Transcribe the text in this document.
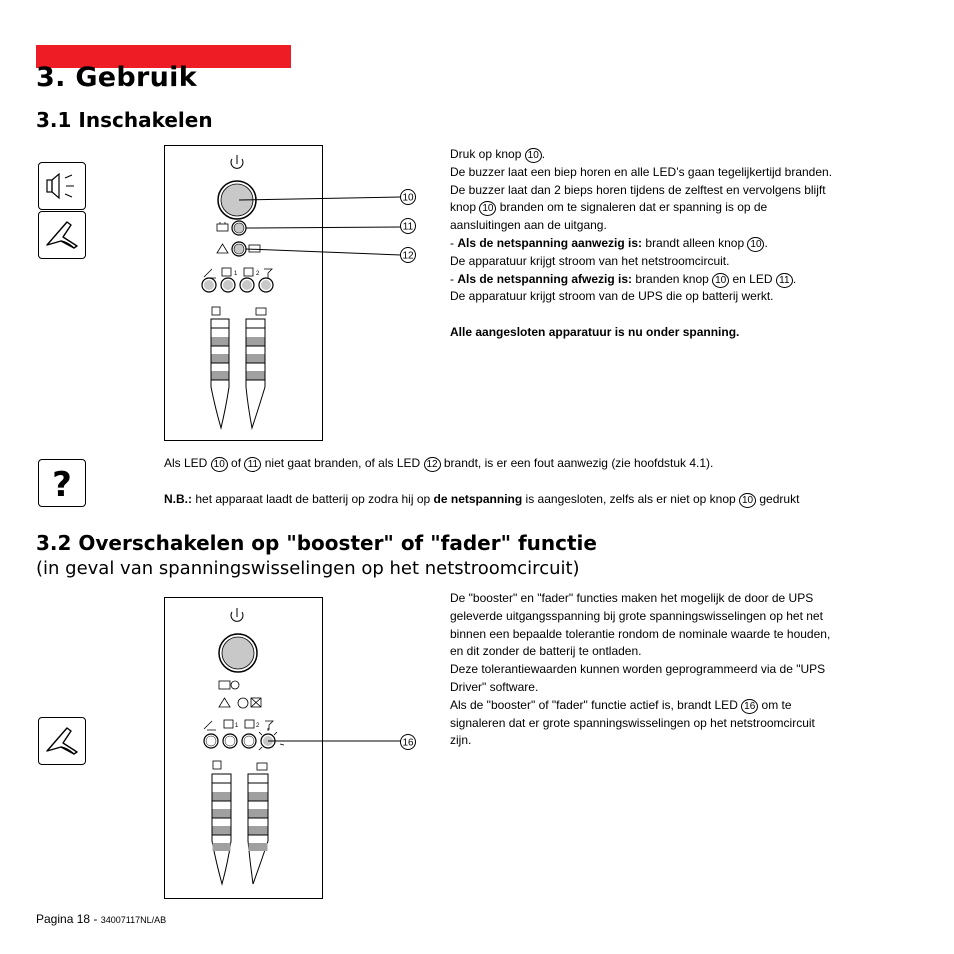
3. Gebruik
3.1 Inschakelen
10
11
12
1	2

Druk op knop 10 .

De buzzer laat een biep horen en alle LED’s gaan tegelijkertijd branden.

De buzzer laat dan 2 bieps horen tijdens de zelftest en vervolgens blijft

knop 10 branden om te signaleren dat er spanning is op de

aansluitingen aan de uitgang.

- Als de netspanning aanwezig is: brandt alleen knop 10 .

De apparatuur krijgt stroom van het netstroomcircuit.

- Als de netspanning afwezig is: branden knop 10 en LED 11 .

De apparatuur krijgt stroom van de UPS die op batterij werkt.

Alle aangesloten apparatuur is nu onder spanning.

?

Als LED 10 of 11 niet gaat branden, of als LED 12 brandt, is er een fout aanwezig (zie hoofdstuk 4.1).

N.B.: het apparaat laadt de batterij op zodra hij op de netspanning is aangesloten, zelfs als er niet op knop 10 gedrukt

3.2 Overschakelen op "booster" of "fader" functie
(in geval van spanningswisselingen op het netstroomcircuit)
1	2
16

De "booster" en "fader" functies maken het mogelijk de door de UPS

geleverde uitgangsspanning bij grote spanningswisselingen op het net

binnen een bepaalde tolerantie rondom de nominale waarde te houden,

en dit zonder de batterij te ontladen.

Deze tolerantiewaarden kunnen worden geprogrammeerd via de "UPS

Driver" software.

Als de "booster" of "fader" functie actief is, brandt LED 16 om te

signaleren dat er grote spanningswisselingen op het netstroomcircuit

zijn.

Pagina 18 - 34007117NL/AB
